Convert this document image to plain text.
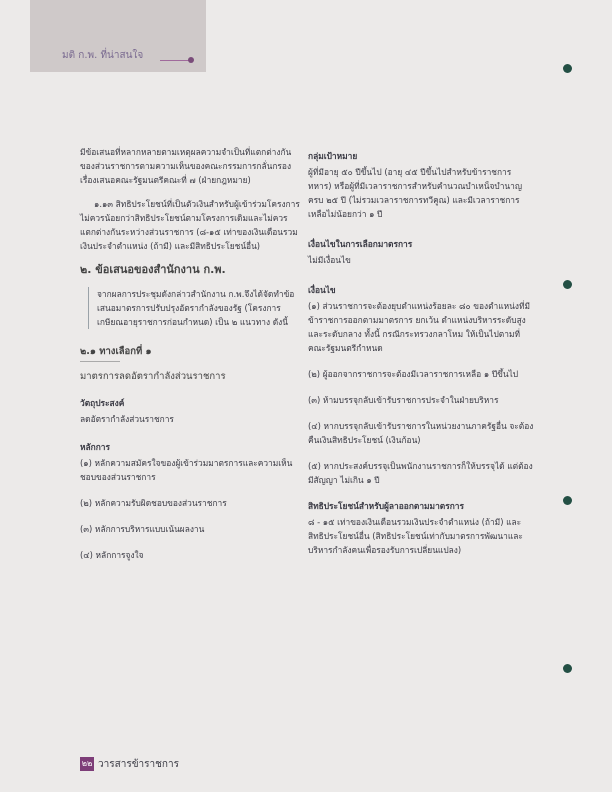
มติ ก.พ. ที่น่าสนใจ

มีข้อเสนอที่หลากหลายตามเหตุผลความจำเป็นที่แตกต่างกันของส่วนราชการตามความเห็นของคณะกรรมการกลั่นกรองเรื่องเสนอคณะรัฐมนตรีคณะที่ ๗ (ฝ่ายกฎหมาย)

๑.๑๓ สิทธิประโยชน์ที่เป็นตัวเงินสำหรับผู้เข้าร่วมโครงการ ไม่ควรน้อยกว่าสิทธิประโยชน์ตามโครงการเดิมและไม่ควรแตกต่างกันระหว่างส่วนราชการ (๘-๑๕ เท่าของเงินเดือนรวมเงินประจำตำแหน่ง (ถ้ามี) และมีสิทธิประโยชน์อื่น)

๒. ข้อเสนอของสำนักงาน ก.พ.

จากผลการประชุมดังกล่าวสำนักงาน ก.พ.จึงได้จัดทำข้อเสนอมาตรการปรับปรุงอัตรากำลังของรัฐ (โครงการเกษียณอายุราชการก่อนกำหนด) เป็น ๒ แนวทาง ดังนี้

๒.๑ ทางเลือกที่ ๑
มาตรการลดอัตรากำลังส่วนราชการ
วัตถุประสงค์

ลดอัตรากำลังส่วนราชการ

หลักการ
(๑) หลักความสมัครใจของผู้เข้าร่วมมาตรการและความเห็นชอบของส่วนราชการ
(๒) หลักความรับผิดชอบของส่วนราชการ
(๓) หลักการบริหารแบบเน้นผลงาน
(๔) หลักการจูงใจ
กลุ่มเป้าหมาย

ผู้ที่มีอายุ ๕๐ ปีขึ้นไป (อายุ ๔๕ ปีขึ้นไปสำหรับข้าราชการทหาร) หรือผู้ที่มีเวลาราชการสำหรับคำนวณบำเหน็จบำนาญครบ ๒๕ ปี (ไม่รวมเวลาราชการทวีคูณ) และมีเวลาราชการเหลือไม่น้อยกว่า ๑ ปี

เงื่อนไขในการเลือกมาตรการ

ไม่มีเงื่อนไข

เงื่อนไข
(๑) ส่วนราชการจะต้องยุบตำแหน่งร้อยละ ๘๐ ของตำแหน่งที่มีข้าราชการออกตามมาตรการ ยกเว้น ตำแหน่งบริหารระดับสูง และระดับกลาง ทั้งนี้ กรณีกระทรวงกลาโหม ให้เป็นไปตามที่คณะรัฐมนตรีกำหนด
(๒) ผู้ออกจากราชการจะต้องมีเวลาราชการเหลือ ๑ ปีขึ้นไป
(๓) ห้ามบรรจุกลับเข้ารับราชการประจำในฝ่ายบริหาร
(๔) หากบรรจุกลับเข้ารับราชการในหน่วยงานภาครัฐอื่น จะต้องคืนเงินสิทธิประโยชน์ (เงินก้อน)
(๕) หากประสงค์บรรจุเป็นพนักงานราชการก็ให้บรรจุได้ แต่ต้องมีสัญญา ไม่เกิน ๑ ปี
สิทธิประโยชน์สำหรับผู้ลาออกตามมาตรการ

๘ - ๑๕ เท่าของเงินเดือนรวมเงินประจำตำแหน่ง (ถ้ามี) และสิทธิประโยชน์อื่น (สิทธิประโยชน์เท่ากับมาตรการพัฒนาและบริหารกำลังคนเพื่อรองรับการเปลี่ยนแปลง)

๒๒ วารสารข้าราชการ
